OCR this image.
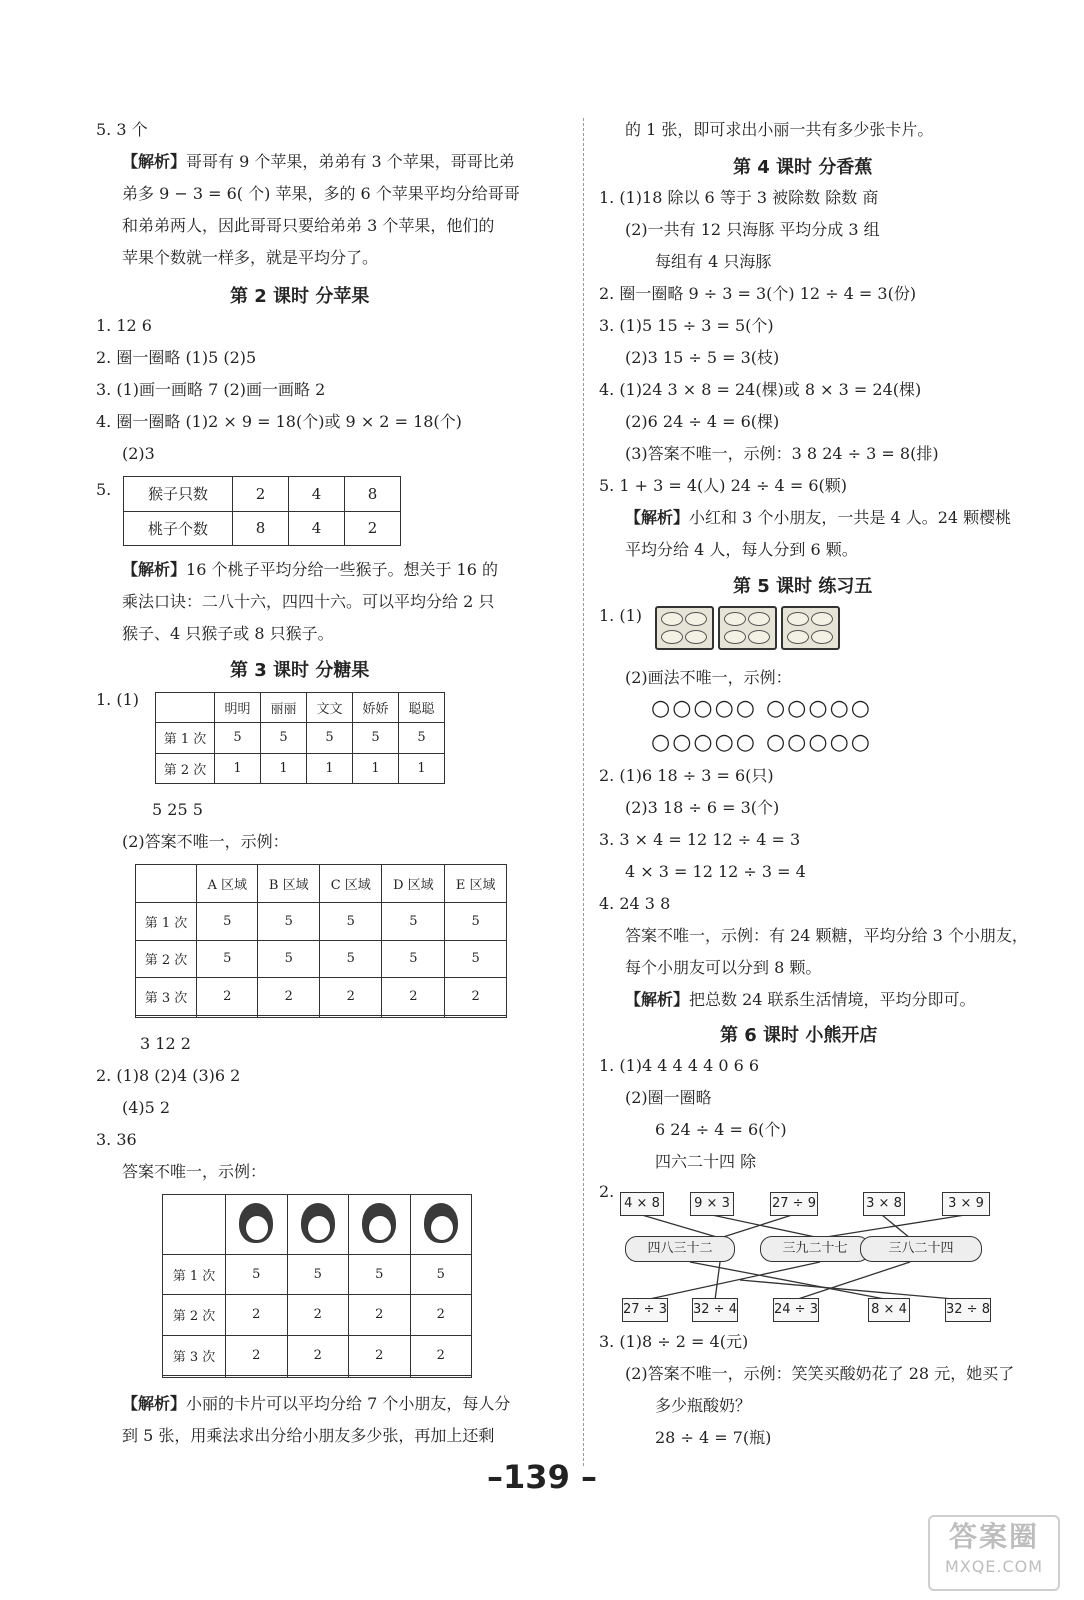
5. 3 个
【解析】哥哥有 9 个苹果，弟弟有 3 个苹果，哥哥比弟
弟多 9 − 3 = 6( 个) 苹果，多的 6 个苹果平均分给哥哥
和弟弟两人，因此哥哥只要给弟弟 3 个苹果，他们的
苹果个数就一样多，就是平均分了。
第 2 课时 分苹果
1. 12 6
2. 圈一圈略 (1)5 (2)5
3. (1)画一画略 7 (2)画一画略 2
4. 圈一圈略 (1)2 × 9 = 18(个)或 9 × 2 = 18(个)
(2)3
5. 猴子只数	2	4	8
桃子个数	8	4	2
【解析】16 个桃子平均分给一些猴子。想关于 16 的
乘法口诀：二八十六，四四十六。可以平均分给 2 只
猴子、4 只猴子或 8 只猴子。
第 3 课时 分糖果
1. (1)
	明明	丽丽	文文	娇娇	聪聪
第 1 次	5	5	5	5	5
第 2 次	1	1	1	1	1
5 25 5
(2)答案不唯一，示例：
	A 区域	B 区域	C 区域	D 区域	E 区域
第 1 次	5	5	5	5	5
第 2 次	5	5	5	5	5
第 3 次	2	2	2	2	2

3 12 2
2. (1)8 (2)4 (3)6 2
(4)5 2
3. 36
答案不唯一，示例：

第 1 次	5	5	5	5
第 2 次	2	2	2	2
第 3 次	2	2	2	2

【解析】小丽的卡片可以平均分给 7 个小朋友，每人分
到 5 张，用乘法求出分给小朋友多少张，再加上还剩
的 1 张，即可求出小丽一共有多少张卡片。
第 4 课时 分香蕉
1. (1)18 除以 6 等于 3 被除数 除数 商
(2)一共有 12 只海豚 平均分成 3 组
每组有 4 只海豚
2. 圈一圈略 9 ÷ 3 = 3(个) 12 ÷ 4 = 3(份)
3. (1)5 15 ÷ 3 = 5(个)
(2)3 15 ÷ 5 = 3(枝)
4. (1)24 3 × 8 = 24(棵)或 8 × 3 = 24(棵)
(2)6 24 ÷ 4 = 6(棵)
(3)答案不唯一，示例：3 8 24 ÷ 3 = 8(排)
5. 1 + 3 = 4(人) 24 ÷ 4 = 6(颗)
【解析】小红和 3 个小朋友，一共是 4 人。24 颗樱桃
平均分给 4 人，每人分到 6 颗。
第 5 课时 练习五
1. (1)
(2)画法不唯一，示例：
○○○○○ ○○○○○
○○○○○ ○○○○○
2. (1)6 18 ÷ 3 = 6(只)
(2)3 18 ÷ 6 = 3(个)
3. 3 × 4 = 12 12 ÷ 4 = 3
4 × 3 = 12 12 ÷ 3 = 4
4. 24 3 8
答案不唯一，示例：有 24 颗糖，平均分给 3 个小朋友，
每个小朋友可以分到 8 颗。
【解析】把总数 24 联系生活情境，平均分即可。
第 6 课时 小熊开店
1. (1)4 4 4 4 4 0 6 6
(2)圈一圈略
6 24 ÷ 4 = 6(个)
四六二十四 除
2.
4 × 8	9 × 3	27 ÷ 9	3 × 8	3 × 9
四八三十二	三九二十七	三八二十四
27 ÷ 3 32 ÷ 4	24 ÷ 3	8 × 4	32 ÷ 8
3. (1)8 ÷ 2 = 4(元)
(2)答案不唯一，示例：笑笑买酸奶花了 28 元，她买了
多少瓶酸奶？
28 ÷ 4 = 7(瓶)
–139 –
答案圈
MXQE.COM
